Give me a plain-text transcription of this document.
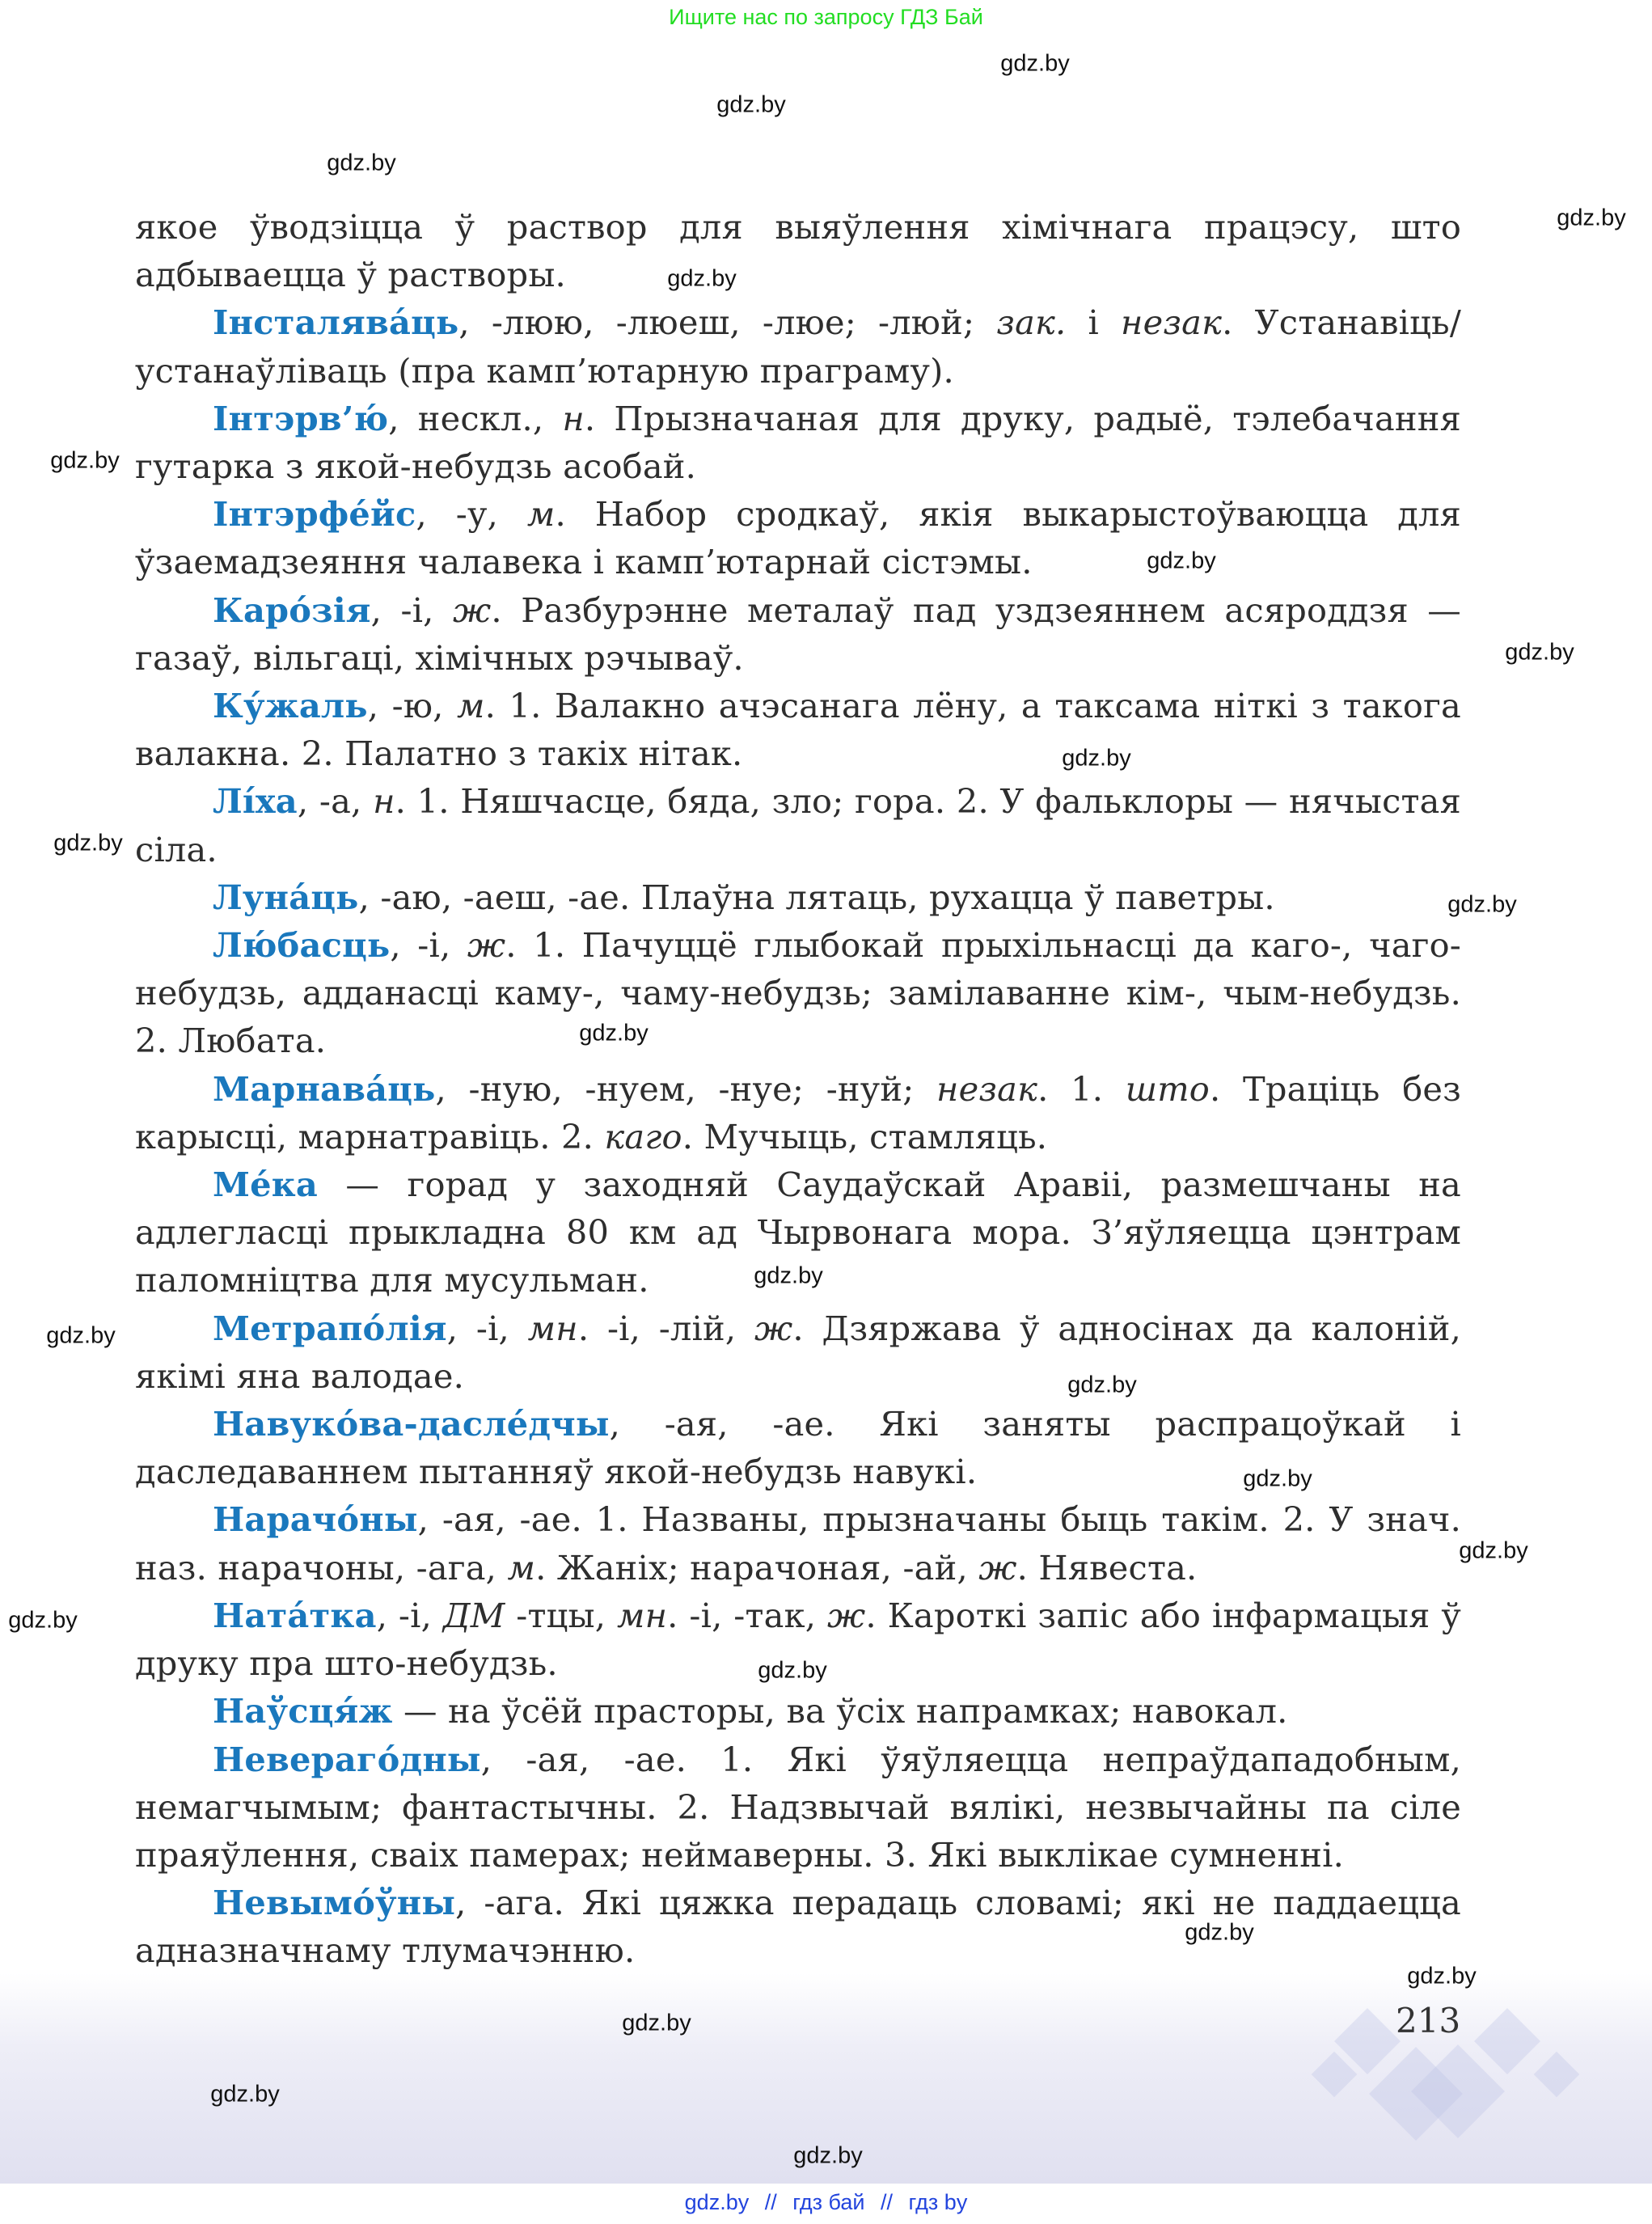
Ищите нас по запросу ГДЗ Бай

якое ўводзіцца ў раствор для выяўлення хімічнага працэсу, што адбываецца ў растворы.

Інсталява́ць, -люю, -люеш, -люе; -люй; зак. і незак. Устанавіць/ устанаўліваць (пра камп’ютарную праграму).

Інтэрв’ю́, нескл., н. Прызначаная для друку, радыё, тэлебачання гутарка з якой-небудзь асобай.

Інтэрфе́йс, -у, м. Набор сродкаў, якія выкарыстоўваюцца для ўзаемадзеяння чалавека і камп’ютарнай сістэмы.

Каро́зія, -і, ж. Разбурэнне металаў пад уздзеяннем асяроддзя — газаў, вільгаці, хімічных рэчываў.

Ку́жаль, -ю, м. 1. Валакно ачэсанага лёну, а таксама ніткі з такога валакна. 2. Палатно з такіх нітак.

Лі́ха, -а, н. 1. Няшчасце, бяда, зло; гора. 2. У фальклоры — нячыстая сіла.

Луна́ць, -аю, -аеш, -ае. Плаўна лятаць, рухацца ў паветры.

Лю́басць, -і, ж. 1. Пачуццё глыбокай прыхільнасці да каго-, чаго-небудзь, адданасці каму-, чаму-небудзь; замілаванне кім-, чым-небудзь. 2. Любата.

Марнава́ць, -ную, -нуем, -нуе; -нуй; незак. 1. што. Траціць без карысці, марнатравіць. 2. каго. Мучыць, стамляць.

Ме́ка — горад у заходняй Саудаўскай Аравіі, размешчаны на адлегласці прыкладна 80 км ад Чырвонага мора. З’яўляецца цэнтрам паломніцтва для мусульман.

Метрапо́лія, -і, мн. -і, -лій, ж. Дзяржава ў адносінах да калоній, якімі яна валодае.

Навуко́ва-дасле́дчы, -ая, -ае. Які заняты распрацоўкай і даследаваннем пытанняў якой-небудзь навукі.

Нарачо́ны, -ая, -ае. 1. Названы, прызначаны быць такім. 2. У знач. наз. нарачоны, -ага, м. Жаніх; нарачоная, -ай, ж. Нявеста.

Ната́тка, -і, ДМ -тцы, мн. -і, -так, ж. Кароткі запіс або інфармацыя ў друку пра што-небудзь.

Наўсця́ж — на ўсёй прасторы, ва ўсіх напрамках; навокал.

Невераго́дны, -ая, -ае. 1. Які ўяўляецца непраўдападобным, немагчымым; фантастычны. 2. Надзвычай вялікі, незвычайны па сіле праяўлення, сваіх памерах; неймаверны. 3. Які выклікае сумненні.

Невымо́ўны, -ага. Які цяжка перадаць словамі; які не паддаецца адназначнаму тлумачэнню.

213
gdz.by
gdz.by
gdz.by
gdz.by
gdz.by
gdz.by
gdz.by
gdz.by
gdz.by
gdz.by
gdz.by
gdz.by
gdz.by
gdz.by
gdz.by
gdz.by
gdz.by
gdz.by
gdz.by
gdz.by
gdz.by
gdz.by
gdz.by
gdz.by
gdz.by // гдз бай // гдз by
